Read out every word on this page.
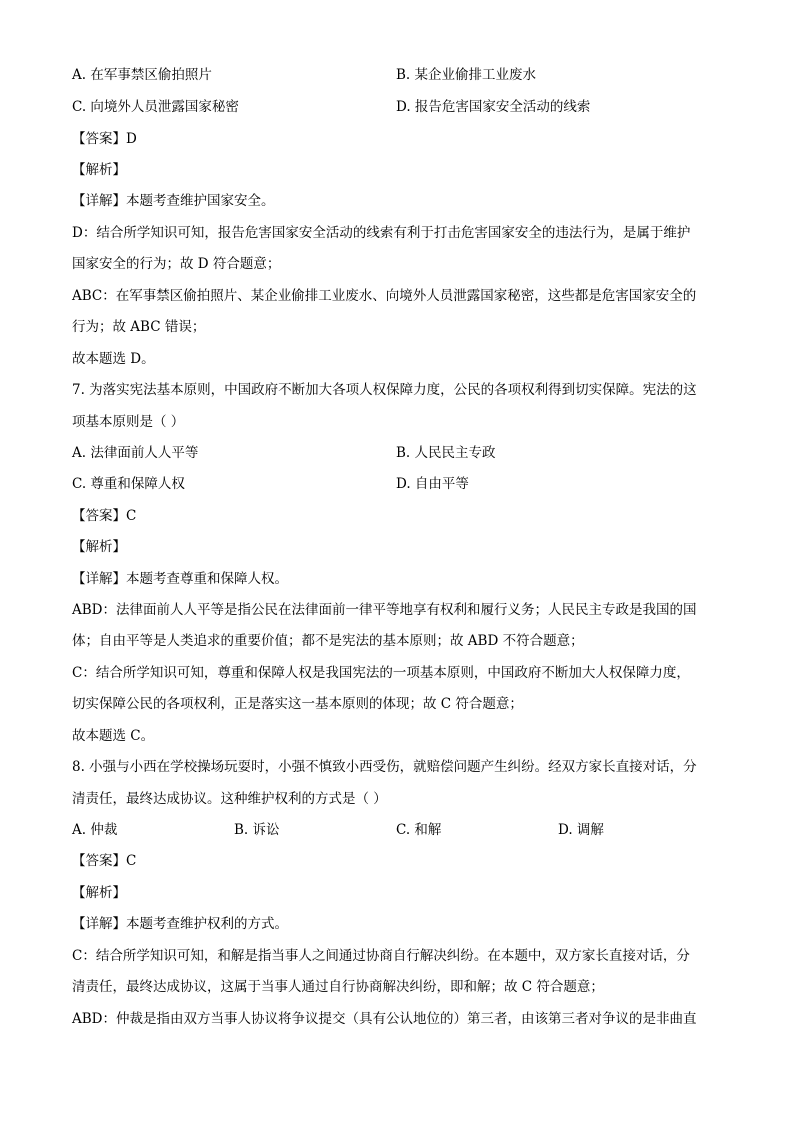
A. 在军事禁区偷拍照片	B. 某企业偷排工业废水
C. 向境外人员泄露国家秘密	D. 报告危害国家安全活动的线索
【答案】D
【解析】
【详解】本题考查维护国家安全。
D：结合所学知识可知，报告危害国家安全活动的线索有利于打击危害国家安全的违法行为，是属于维护
国家安全的行为；故 D 符合题意；
ABC：在军事禁区偷拍照片、某企业偷排工业废水、向境外人员泄露国家秘密，这些都是危害国家安全的
行为；故 ABC 错误；
故本题选 D。
7. 为落实宪法基本原则，中国政府不断加大各项人权保障力度，公民的各项权利得到切实保障。宪法的这
项基本原则是（ ）
A. 法律面前人人平等	B. 人民民主专政
C. 尊重和保障人权	D. 自由平等
【答案】C
【解析】
【详解】本题考查尊重和保障人权。
ABD：法律面前人人平等是指公民在法律面前一律平等地享有权利和履行义务；人民民主专政是我国的国
体；自由平等是人类追求的重要价值；都不是宪法的基本原则；故 ABD 不符合题意；
C：结合所学知识可知，尊重和保障人权是我国宪法的一项基本原则，中国政府不断加大人权保障力度，
切实保障公民的各项权利，正是落实这一基本原则的体现；故 C 符合题意；
故本题选 C。
8. 小强与小西在学校操场玩耍时，小强不慎致小西受伤，就赔偿问题产生纠纷。经双方家长直接对话，分
清责任，最终达成协议。这种维护权利的方式是（ ）
A. 仲裁	B. 诉讼	C. 和解	D. 调解
【答案】C
【解析】
【详解】本题考查维护权利的方式。
C：结合所学知识可知，和解是指当事人之间通过协商自行解决纠纷。在本题中，双方家长直接对话，分
清责任，最终达成协议，这属于当事人通过自行协商解决纠纷，即和解；故 C 符合题意；
ABD：仲裁是指由双方当事人协议将争议提交（具有公认地位的）第三者，由该第三者对争议的是非曲直
